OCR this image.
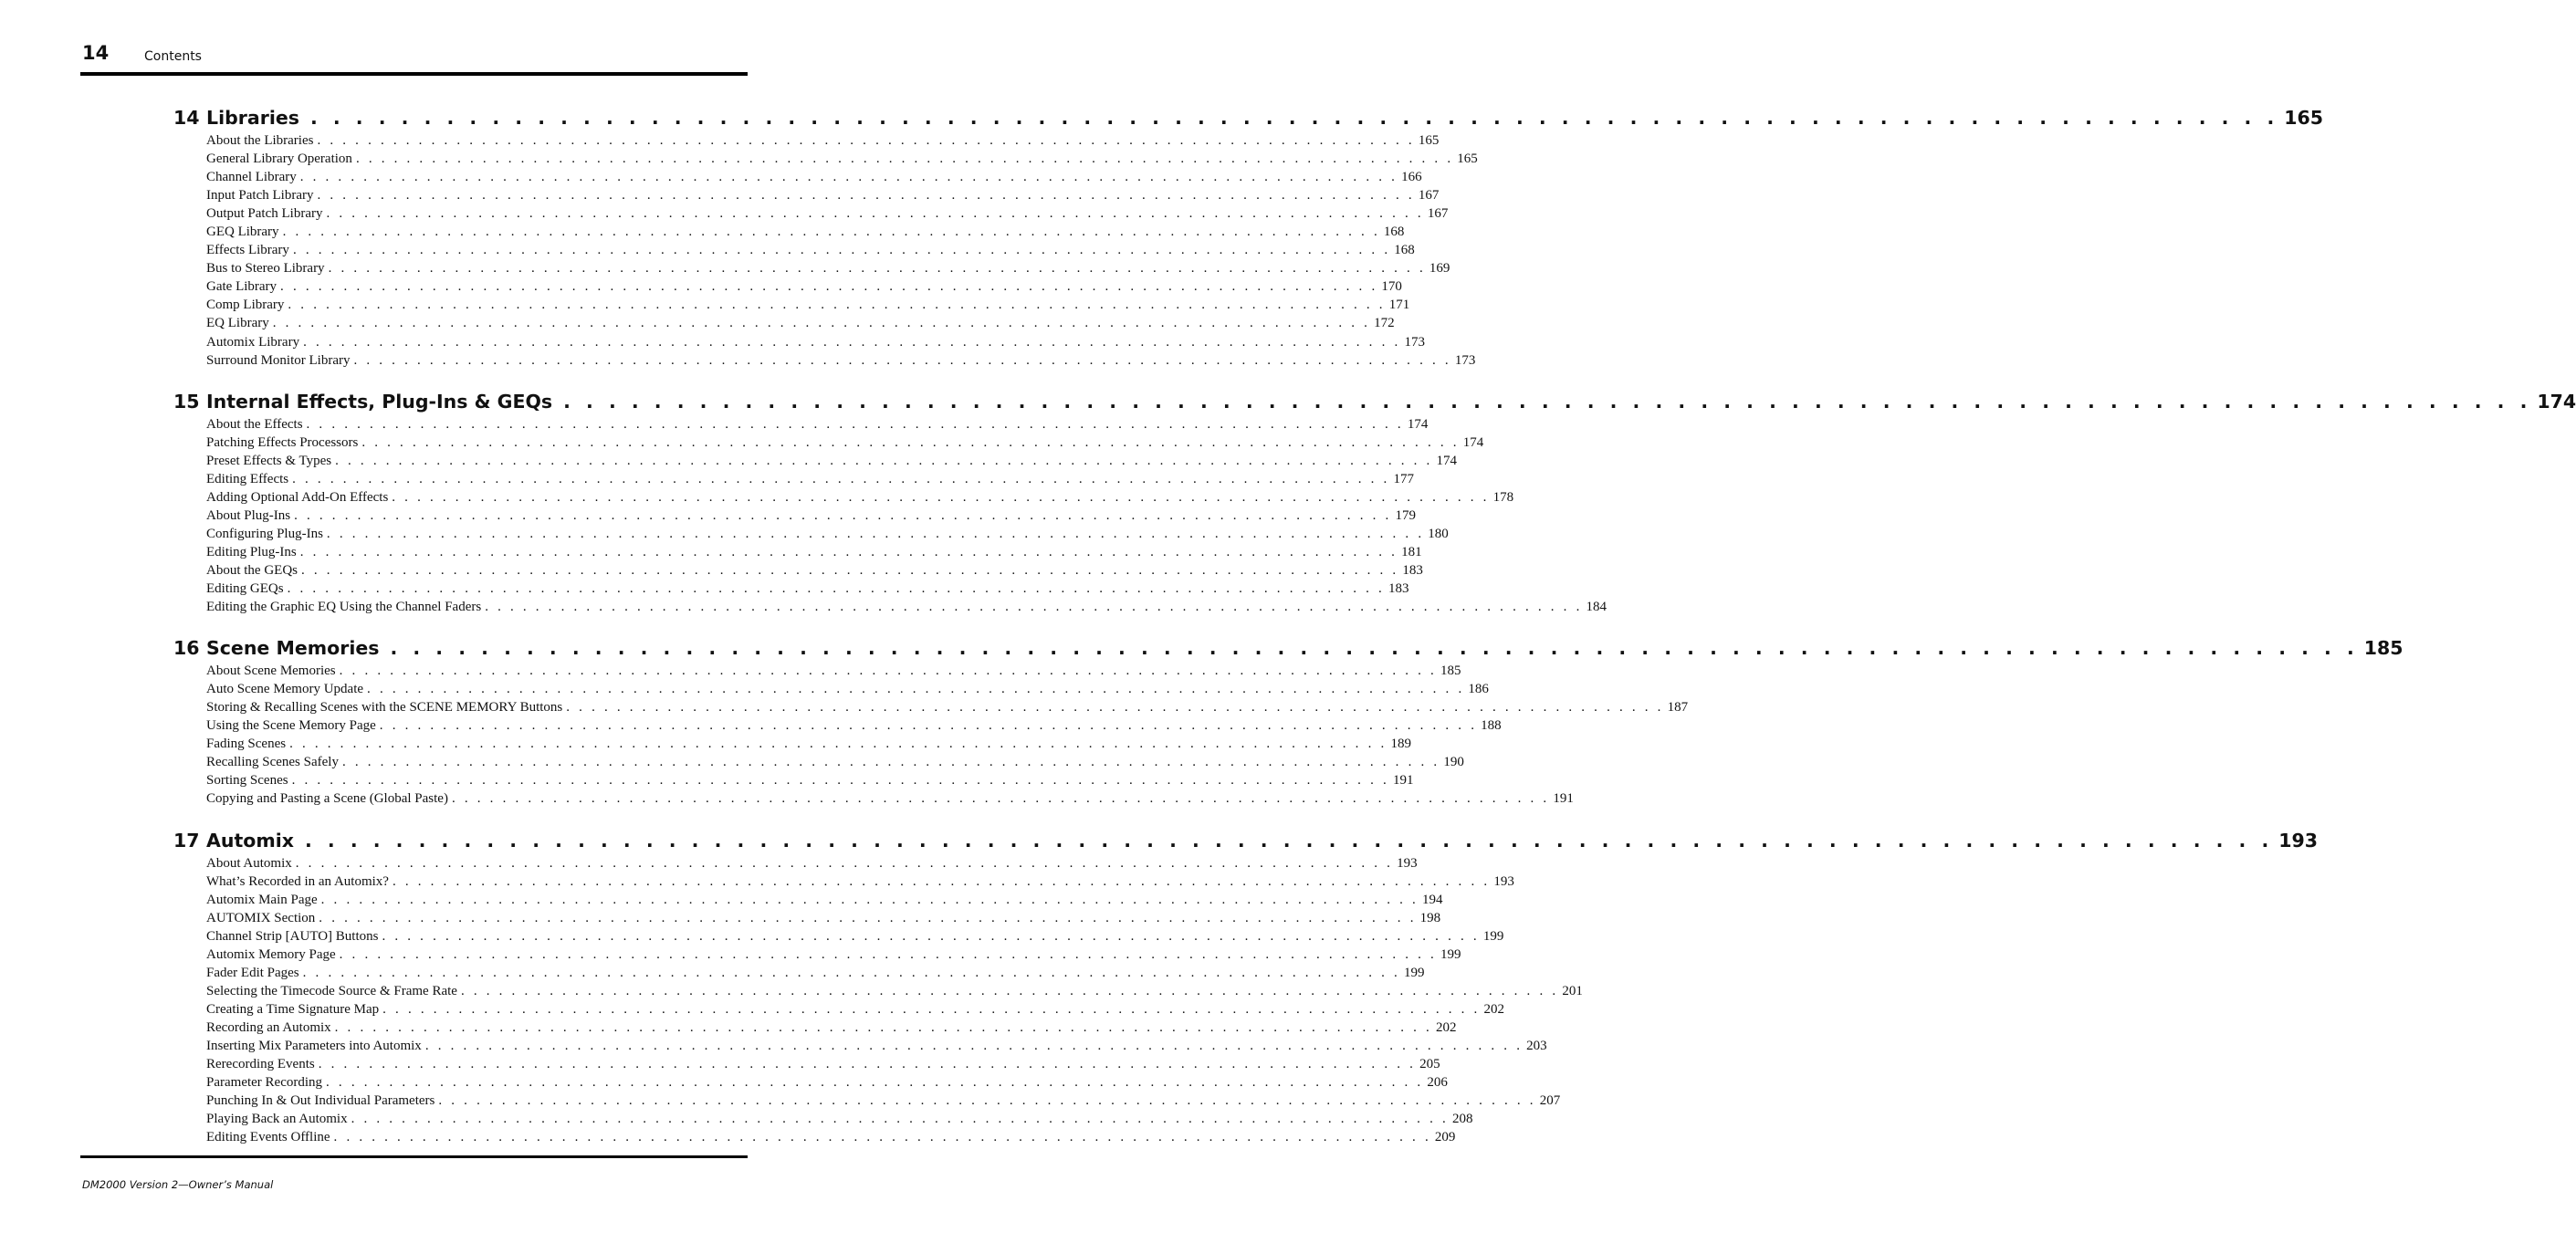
14	Contents
14 Libraries . . . . . . . . . . . . . . . . . . . . . . . . . . . . . . . . . . . . . . . . . . . . . . . . . . . . . . . . . . . . . . . . . . . . . . . . . . . . . . . . . . . . . . . 165
About the Libraries . . . . . . . . . . . . . . . . . . . . . . . . . . . . . . . . . . . . . . . . . . . . . . . . . . . . . . . . . . . . . . . . . . . . . . . . . . . . . . . . . . . . . . . 165
General Library Operation . . . . . . . . . . . . . . . . . . . . . . . . . . . . . . . . . . . . . . . . . . . . . . . . . . . . . . . . . . . . . . . . . . . . . . . . . . . . . . . . . . . . . . . 165
Channel Library . . . . . . . . . . . . . . . . . . . . . . . . . . . . . . . . . . . . . . . . . . . . . . . . . . . . . . . . . . . . . . . . . . . . . . . . . . . . . . . . . . . . . . . 166
Input Patch Library . . . . . . . . . . . . . . . . . . . . . . . . . . . . . . . . . . . . . . . . . . . . . . . . . . . . . . . . . . . . . . . . . . . . . . . . . . . . . . . . . . . . . . . 167
Output Patch Library . . . . . . . . . . . . . . . . . . . . . . . . . . . . . . . . . . . . . . . . . . . . . . . . . . . . . . . . . . . . . . . . . . . . . . . . . . . . . . . . . . . . . . . 167
GEQ Library . . . . . . . . . . . . . . . . . . . . . . . . . . . . . . . . . . . . . . . . . . . . . . . . . . . . . . . . . . . . . . . . . . . . . . . . . . . . . . . . . . . . . . . 168
Effects Library . . . . . . . . . . . . . . . . . . . . . . . . . . . . . . . . . . . . . . . . . . . . . . . . . . . . . . . . . . . . . . . . . . . . . . . . . . . . . . . . . . . . . . . 168
Bus to Stereo Library . . . . . . . . . . . . . . . . . . . . . . . . . . . . . . . . . . . . . . . . . . . . . . . . . . . . . . . . . . . . . . . . . . . . . . . . . . . . . . . . . . . . . . . 169
Gate Library . . . . . . . . . . . . . . . . . . . . . . . . . . . . . . . . . . . . . . . . . . . . . . . . . . . . . . . . . . . . . . . . . . . . . . . . . . . . . . . . . . . . . . . 170
Comp Library . . . . . . . . . . . . . . . . . . . . . . . . . . . . . . . . . . . . . . . . . . . . . . . . . . . . . . . . . . . . . . . . . . . . . . . . . . . . . . . . . . . . . . . 171
EQ Library . . . . . . . . . . . . . . . . . . . . . . . . . . . . . . . . . . . . . . . . . . . . . . . . . . . . . . . . . . . . . . . . . . . . . . . . . . . . . . . . . . . . . . . 172
Automix Library . . . . . . . . . . . . . . . . . . . . . . . . . . . . . . . . . . . . . . . . . . . . . . . . . . . . . . . . . . . . . . . . . . . . . . . . . . . . . . . . . . . . . . . 173
Surround Monitor Library . . . . . . . . . . . . . . . . . . . . . . . . . . . . . . . . . . . . . . . . . . . . . . . . . . . . . . . . . . . . . . . . . . . . . . . . . . . . . . . . . . . . . . . 173
15 Internal Effects, Plug-Ins & GEQs . . . . . . . . . . . . . . . . . . . . . . . . . . . . . . . . . . . . . . . . . . . . . . . . . . . . . . . . . . . . . . . . . . . . . . . . . . . . . . . . . . . . . . . 174
About the Effects . . . . . . . . . . . . . . . . . . . . . . . . . . . . . . . . . . . . . . . . . . . . . . . . . . . . . . . . . . . . . . . . . . . . . . . . . . . . . . . . . . . . . . . 174
Patching Effects Processors . . . . . . . . . . . . . . . . . . . . . . . . . . . . . . . . . . . . . . . . . . . . . . . . . . . . . . . . . . . . . . . . . . . . . . . . . . . . . . . . . . . . . . . 174
Preset Effects & Types . . . . . . . . . . . . . . . . . . . . . . . . . . . . . . . . . . . . . . . . . . . . . . . . . . . . . . . . . . . . . . . . . . . . . . . . . . . . . . . . . . . . . . . 174
Editing Effects . . . . . . . . . . . . . . . . . . . . . . . . . . . . . . . . . . . . . . . . . . . . . . . . . . . . . . . . . . . . . . . . . . . . . . . . . . . . . . . . . . . . . . . 177
Adding Optional Add-On Effects . . . . . . . . . . . . . . . . . . . . . . . . . . . . . . . . . . . . . . . . . . . . . . . . . . . . . . . . . . . . . . . . . . . . . . . . . . . . . . . . . . . . . . . 178
About Plug-Ins . . . . . . . . . . . . . . . . . . . . . . . . . . . . . . . . . . . . . . . . . . . . . . . . . . . . . . . . . . . . . . . . . . . . . . . . . . . . . . . . . . . . . . . 179
Configuring Plug-Ins . . . . . . . . . . . . . . . . . . . . . . . . . . . . . . . . . . . . . . . . . . . . . . . . . . . . . . . . . . . . . . . . . . . . . . . . . . . . . . . . . . . . . . . 180
Editing Plug-Ins . . . . . . . . . . . . . . . . . . . . . . . . . . . . . . . . . . . . . . . . . . . . . . . . . . . . . . . . . . . . . . . . . . . . . . . . . . . . . . . . . . . . . . . 181
About the GEQs . . . . . . . . . . . . . . . . . . . . . . . . . . . . . . . . . . . . . . . . . . . . . . . . . . . . . . . . . . . . . . . . . . . . . . . . . . . . . . . . . . . . . . . 183
Editing GEQs . . . . . . . . . . . . . . . . . . . . . . . . . . . . . . . . . . . . . . . . . . . . . . . . . . . . . . . . . . . . . . . . . . . . . . . . . . . . . . . . . . . . . . . 183
Editing the Graphic EQ Using the Channel Faders . . . . . . . . . . . . . . . . . . . . . . . . . . . . . . . . . . . . . . . . . . . . . . . . . . . . . . . . . . . . . . . . . . . . . . . . . . . . . . . . . . . . . . . 184
16 Scene Memories . . . . . . . . . . . . . . . . . . . . . . . . . . . . . . . . . . . . . . . . . . . . . . . . . . . . . . . . . . . . . . . . . . . . . . . . . . . . . . . . . . . . . . . 185
About Scene Memories . . . . . . . . . . . . . . . . . . . . . . . . . . . . . . . . . . . . . . . . . . . . . . . . . . . . . . . . . . . . . . . . . . . . . . . . . . . . . . . . . . . . . . . 185
Auto Scene Memory Update . . . . . . . . . . . . . . . . . . . . . . . . . . . . . . . . . . . . . . . . . . . . . . . . . . . . . . . . . . . . . . . . . . . . . . . . . . . . . . . . . . . . . . . 186
Storing & Recalling Scenes with the SCENE MEMORY Buttons . . . . . . . . . . . . . . . . . . . . . . . . . . . . . . . . . . . . . . . . . . . . . . . . . . . . . . . . . . . . . . . . . . . . . . . . . . . . . . . . . . . . . . . 187
Using the Scene Memory Page . . . . . . . . . . . . . . . . . . . . . . . . . . . . . . . . . . . . . . . . . . . . . . . . . . . . . . . . . . . . . . . . . . . . . . . . . . . . . . . . . . . . . . . 188
Fading Scenes . . . . . . . . . . . . . . . . . . . . . . . . . . . . . . . . . . . . . . . . . . . . . . . . . . . . . . . . . . . . . . . . . . . . . . . . . . . . . . . . . . . . . . . 189
Recalling Scenes Safely . . . . . . . . . . . . . . . . . . . . . . . . . . . . . . . . . . . . . . . . . . . . . . . . . . . . . . . . . . . . . . . . . . . . . . . . . . . . . . . . . . . . . . . 190
Sorting Scenes . . . . . . . . . . . . . . . . . . . . . . . . . . . . . . . . . . . . . . . . . . . . . . . . . . . . . . . . . . . . . . . . . . . . . . . . . . . . . . . . . . . . . . . 191
Copying and Pasting a Scene (Global Paste) . . . . . . . . . . . . . . . . . . . . . . . . . . . . . . . . . . . . . . . . . . . . . . . . . . . . . . . . . . . . . . . . . . . . . . . . . . . . . . . . . . . . . . . 191
17 Automix . . . . . . . . . . . . . . . . . . . . . . . . . . . . . . . . . . . . . . . . . . . . . . . . . . . . . . . . . . . . . . . . . . . . . . . . . . . . . . . . . . . . . . . 193
About Automix . . . . . . . . . . . . . . . . . . . . . . . . . . . . . . . . . . . . . . . . . . . . . . . . . . . . . . . . . . . . . . . . . . . . . . . . . . . . . . . . . . . . . . . 193
What’s Recorded in an Automix? . . . . . . . . . . . . . . . . . . . . . . . . . . . . . . . . . . . . . . . . . . . . . . . . . . . . . . . . . . . . . . . . . . . . . . . . . . . . . . . . . . . . . . . 193
Automix Main Page . . . . . . . . . . . . . . . . . . . . . . . . . . . . . . . . . . . . . . . . . . . . . . . . . . . . . . . . . . . . . . . . . . . . . . . . . . . . . . . . . . . . . . . 194
AUTOMIX Section . . . . . . . . . . . . . . . . . . . . . . . . . . . . . . . . . . . . . . . . . . . . . . . . . . . . . . . . . . . . . . . . . . . . . . . . . . . . . . . . . . . . . . . 198
Channel Strip [AUTO] Buttons . . . . . . . . . . . . . . . . . . . . . . . . . . . . . . . . . . . . . . . . . . . . . . . . . . . . . . . . . . . . . . . . . . . . . . . . . . . . . . . . . . . . . . . 199
Automix Memory Page . . . . . . . . . . . . . . . . . . . . . . . . . . . . . . . . . . . . . . . . . . . . . . . . . . . . . . . . . . . . . . . . . . . . . . . . . . . . . . . . . . . . . . . 199
Fader Edit Pages . . . . . . . . . . . . . . . . . . . . . . . . . . . . . . . . . . . . . . . . . . . . . . . . . . . . . . . . . . . . . . . . . . . . . . . . . . . . . . . . . . . . . . . 199
Selecting the Timecode Source & Frame Rate . . . . . . . . . . . . . . . . . . . . . . . . . . . . . . . . . . . . . . . . . . . . . . . . . . . . . . . . . . . . . . . . . . . . . . . . . . . . . . . . . . . . . . . 201
Creating a Time Signature Map . . . . . . . . . . . . . . . . . . . . . . . . . . . . . . . . . . . . . . . . . . . . . . . . . . . . . . . . . . . . . . . . . . . . . . . . . . . . . . . . . . . . . . . 202
Recording an Automix . . . . . . . . . . . . . . . . . . . . . . . . . . . . . . . . . . . . . . . . . . . . . . . . . . . . . . . . . . . . . . . . . . . . . . . . . . . . . . . . . . . . . . . 202
Inserting Mix Parameters into Automix . . . . . . . . . . . . . . . . . . . . . . . . . . . . . . . . . . . . . . . . . . . . . . . . . . . . . . . . . . . . . . . . . . . . . . . . . . . . . . . . . . . . . . . 203
Rerecording Events . . . . . . . . . . . . . . . . . . . . . . . . . . . . . . . . . . . . . . . . . . . . . . . . . . . . . . . . . . . . . . . . . . . . . . . . . . . . . . . . . . . . . . . 205
Parameter Recording . . . . . . . . . . . . . . . . . . . . . . . . . . . . . . . . . . . . . . . . . . . . . . . . . . . . . . . . . . . . . . . . . . . . . . . . . . . . . . . . . . . . . . . 206
Punching In & Out Individual Parameters . . . . . . . . . . . . . . . . . . . . . . . . . . . . . . . . . . . . . . . . . . . . . . . . . . . . . . . . . . . . . . . . . . . . . . . . . . . . . . . . . . . . . . . 207
Playing Back an Automix . . . . . . . . . . . . . . . . . . . . . . . . . . . . . . . . . . . . . . . . . . . . . . . . . . . . . . . . . . . . . . . . . . . . . . . . . . . . . . . . . . . . . . . 208
Editing Events Offline . . . . . . . . . . . . . . . . . . . . . . . . . . . . . . . . . . . . . . . . . . . . . . . . . . . . . . . . . . . . . . . . . . . . . . . . . . . . . . . . . . . . . . . 209
DM2000 Version 2—Owner’s Manual
